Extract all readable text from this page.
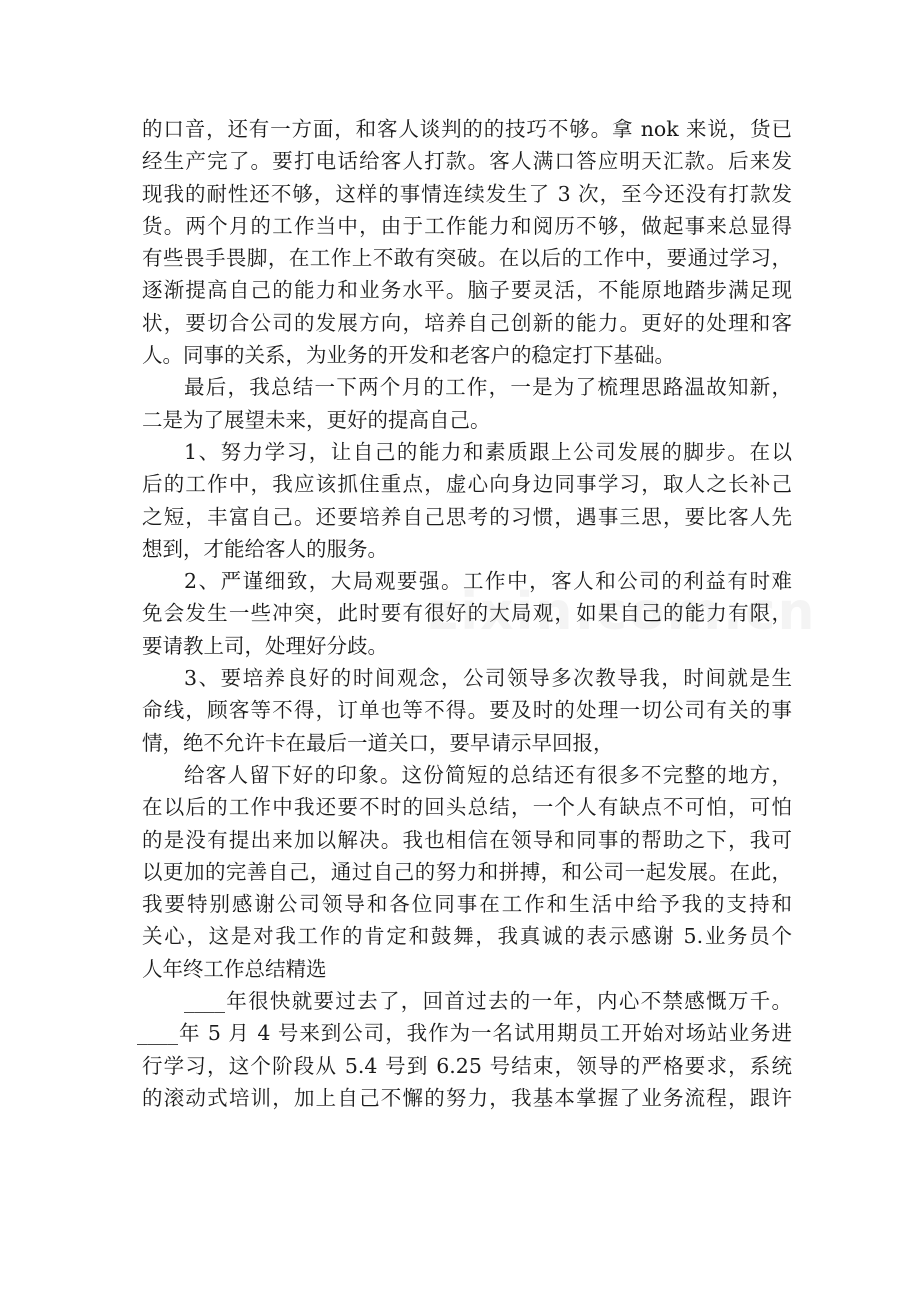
的口音，还有一方面，和客人谈判的的技巧不够。拿 nok 来说，货已
经生产完了。要打电话给客人打款。客人满口答应明天汇款。后来发
现我的耐性还不够，这样的事情连续发生了 3 次，至今还没有打款发
货。两个月的工作当中，由于工作能力和阅历不够，做起事来总显得
有些畏手畏脚，在工作上不敢有突破。在以后的工作中，要通过学习，
逐渐提高自己的能力和业务水平。脑子要灵活，不能原地踏步满足现
状，要切合公司的发展方向，培养自己创新的能力。更好的处理和客
人。同事的关系，为业务的开发和老客户的稳定打下基础。
最后，我总结一下两个月的工作，一是为了梳理思路温故知新，
二是为了展望未来，更好的提高自己。
1、努力学习，让自己的能力和素质跟上公司发展的脚步。在以
后的工作中，我应该抓住重点，虚心向身边同事学习，取人之长补己
之短，丰富自己。还要培养自己思考的习惯，遇事三思，要比客人先
想到，才能给客人的服务。
2、严谨细致，大局观要强。工作中，客人和公司的利益有时难
免会发生一些冲突，此时要有很好的大局观，如果自己的能力有限，
要请教上司，处理好分歧。
3、要培养良好的时间观念，公司领导多次教导我，时间就是生
命线，顾客等不得，订单也等不得。要及时的处理一切公司有关的事
情，绝不允许卡在最后一道关口，要早请示早回报，
给客人留下好的印象。这份简短的总结还有很多不完整的地方，
在以后的工作中我还要不时的回头总结，一个人有缺点不可怕，可怕
的是没有提出来加以解决。我也相信在领导和同事的帮助之下，我可
以更加的完善自己，通过自己的努力和拼搏，和公司一起发展。在此，
我要特别感谢公司领导和各位同事在工作和生活中给予我的支持和
关心，这是对我工作的肯定和鼓舞，我真诚的表示感谢 5.业务员个
人年终工作总结精选
____年很快就要过去了，回首过去的一年，内心不禁感慨万千。
____年 5 月 4 号来到公司，我作为一名试用期员工开始对场站业务进
行学习，这个阶段从 5.4 号到 6.25 号结束，领导的严格要求，系统
的滚动式培训，加上自己不懈的努力，我基本掌握了业务流程，跟许
